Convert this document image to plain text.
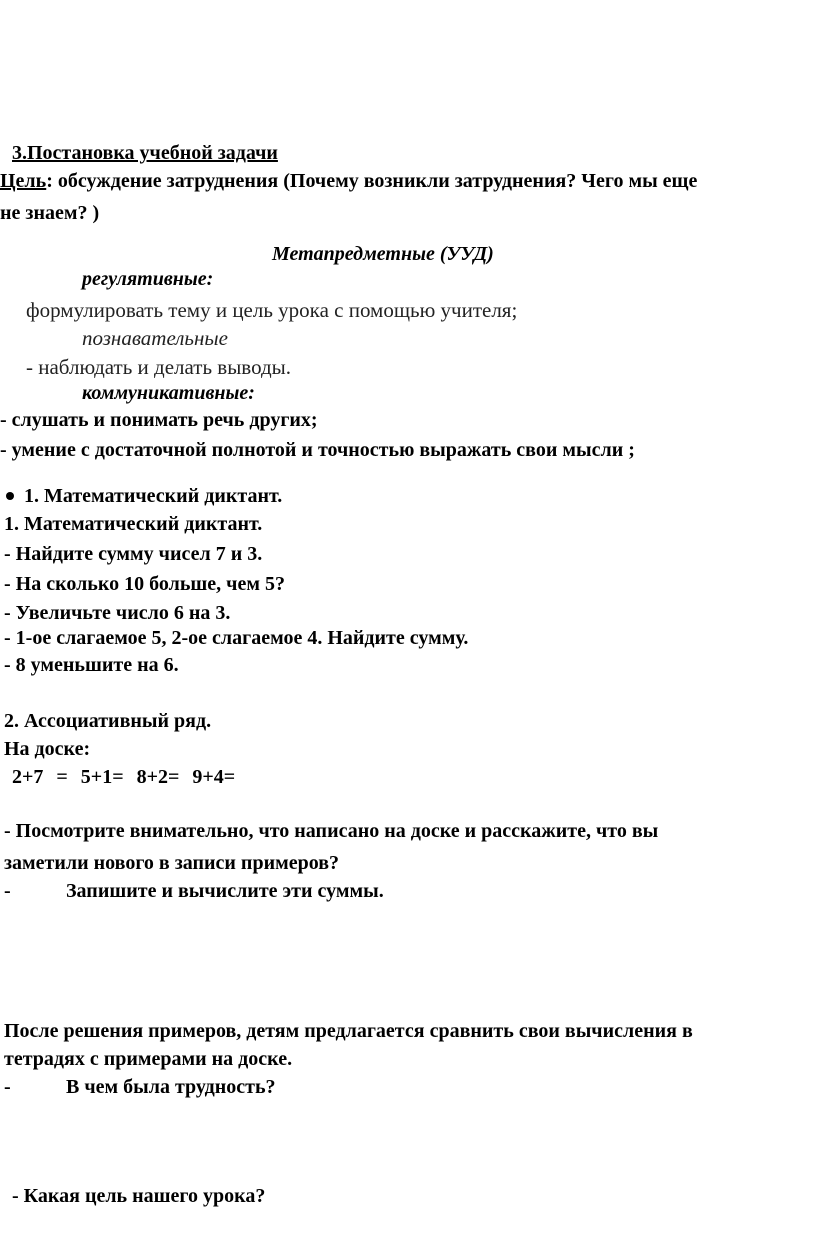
3.Постановка учебной задачи
Цель: обсуждение затруднения (Почему возникли затруднения? Чего мы еще
не знаем? )
Метапредметные (УУД)
регулятивные:
формулировать тему и цель урока с помощью учителя;
познавательные
- наблюдать и делать выводы.
коммуникативные:
- слушать и понимать речь других;
- умение с достаточной полнотой и точностью выражать свои мысли ;
1. Математический диктант.
1. Математический диктант.
- Найдите сумму чисел 7 и 3.
- На сколько 10 больше, чем 5?
- Увеличьте число 6 на 3.
- 1-ое слагаемое 5, 2-ое слагаемое 4. Найдите сумму.
- 8 уменьшите на 6.
2. Ассоциативный ряд.
На доске:
2+7 = 5+1= 8+2= 9+4=
- Посмотрите внимательно, что написано на доске и расскажите, что вы
заметили нового в записи примеров?
-	Запишите и вычислите эти суммы.
После решения примеров, детям предлагается сравнить свои вычисления в
тетрадях с примерами на доске.
-	В чем была трудность?
- Какая цель нашего урока?
